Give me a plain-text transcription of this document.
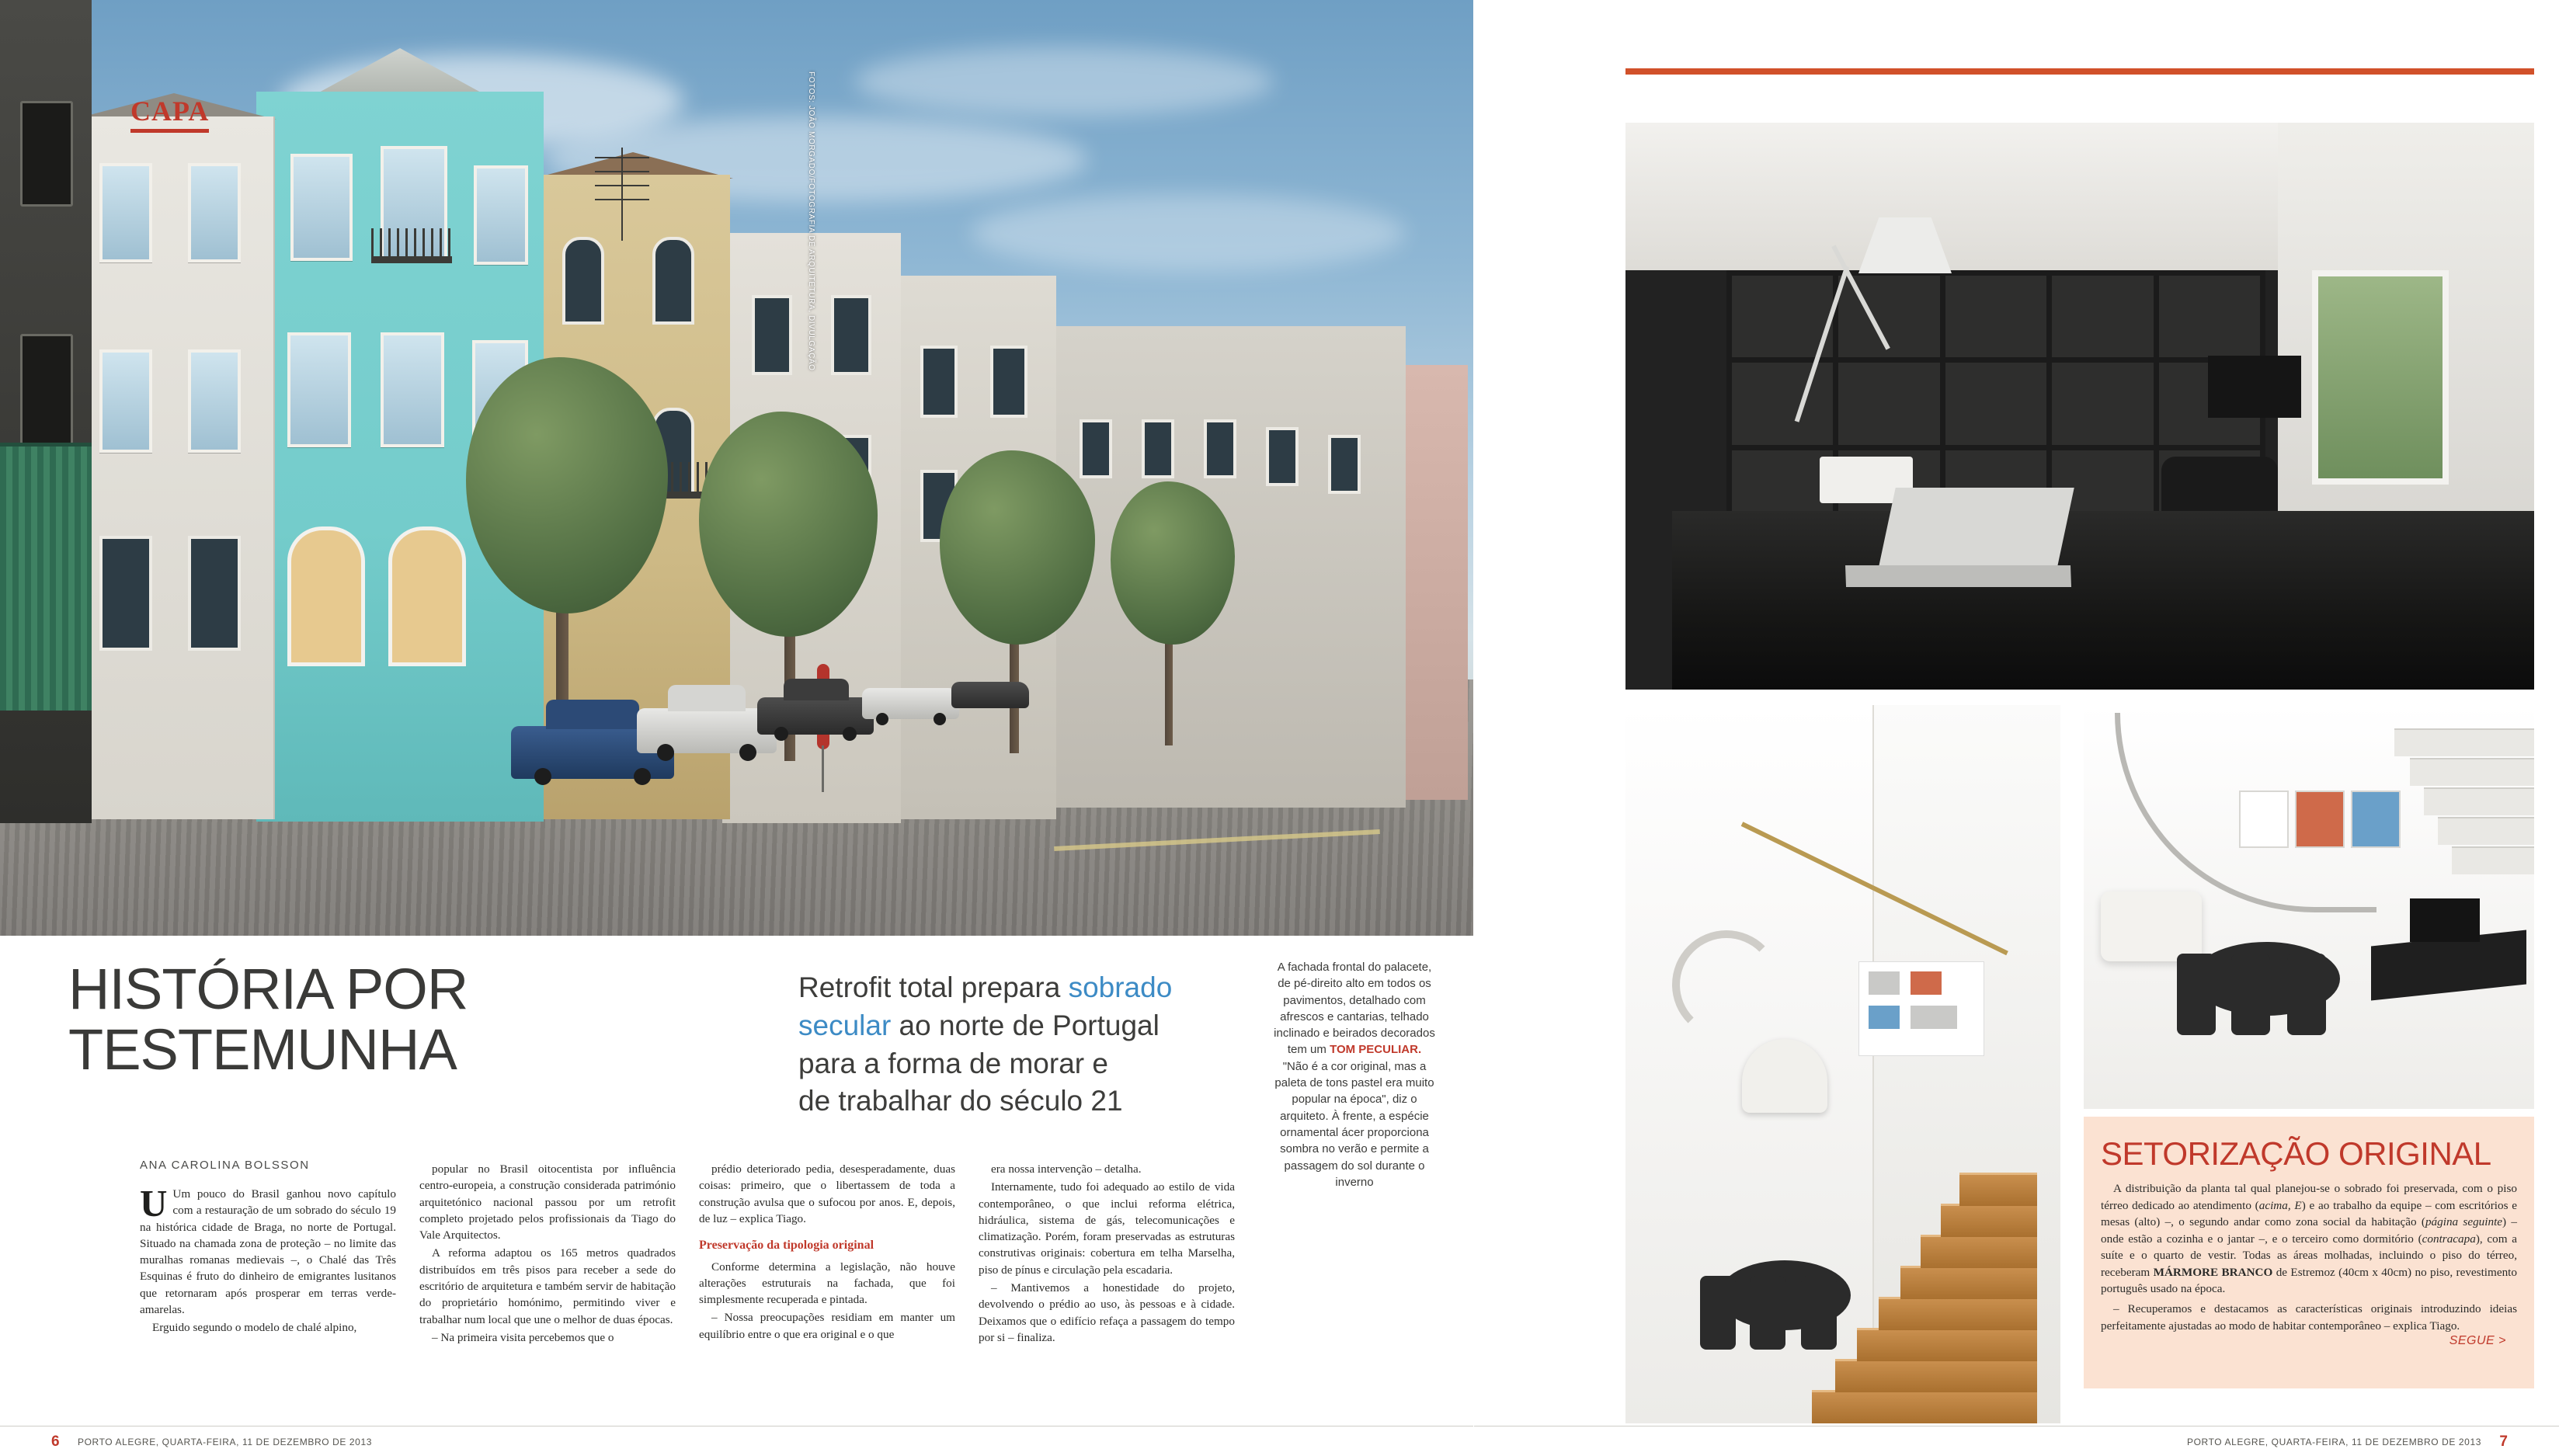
CAPA	FOTOS: JOÃO MORGADO/FOTOGRAFIA DE ARQUITETURA, DIVULGAÇÃO
HISTÓRIA POR
TESTEMUNHA
ANA CAROLINA BOLSSON
Retrofit total prepara sobrado
secular ao norte de Portugal
para a forma de morar e
de trabalhar do século 21

U Um pouco do Brasil ganhou novo capítulo com a restauração de um sobrado do século 19 na histórica cidade de Braga, no norte de Portugal. Situado na chamada zona de proteção – no limite das muralhas romanas medievais –, o Chalé das Três Esquinas é fruto do dinheiro de emigrantes lusitanos que retornaram após prosperar em terras verde-amarelas.

Erguido segundo o modelo de chalé alpino,

popular no Brasil oitocentista por influência centro-europeia, a construção considerada património arquitetónico nacional passou por um retrofit completo projetado pelos profissionais da Tiago do Vale Arquitectos.

A reforma adaptou os 165 metros quadrados distribuídos em três pisos para receber a sede do escritório de arquitetura e também servir de habitação do proprietário homónimo, permitindo viver e trabalhar num local que une o melhor de duas épocas.

– Na primeira visita percebemos que o

prédio deteriorado pedia, desesperadamente, duas coisas: primeiro, que o libertassem de toda a construção avulsa que o sufocou por anos. E, depois, de luz – explica Tiago.

Preservação da tipologia original

Conforme determina a legislação, não houve alterações estruturais na fachada, que foi simplesmente recuperada e pintada.

– Nossa preocupações residiam em manter um equilíbrio entre o que era original e o que

era nossa intervenção – detalha.

Internamente, tudo foi adequado ao estilo de vida contemporâneo, o que inclui reforma elétrica, hidráulica, sistema de gás, telecomunicações e climatização. Porém, foram preservadas as estruturas construtivas originais: cobertura em telha Marselha, piso de pínus e circulação pela escadaria.

– Mantivemos a honestidade do projeto, devolvendo o prédio ao uso, às pessoas e à cidade. Deixamos que o edifício refaça a passagem do tempo por si – finaliza.

A fachada frontal do palacete, de pé-direito alto em todos os pavimentos, detalhado com afrescos e cantarias, telhado inclinado e beirados decorados tem um TOM PECULIAR. "Não é a cor original, mas a paleta de tons pastel era muito popular na época", diz o arquiteto. À frente, a espécie ornamental ácer proporciona sombra no verão e permite a passagem do sol durante o inverno
6 PORTO ALEGRE, QUARTA-FEIRA, 11 DE DEZEMBRO DE 2013
SETORIZAÇÃO ORIGINAL

A distribuição da planta tal qual planejou-se o sobrado foi preservada, com o piso térreo dedicado ao atendimento (acima, E) e ao trabalho da equipe – com escritórios e mesas (alto) –, o segundo andar como zona social da habitação (página seguinte) – onde estão a cozinha e o jantar –, e o terceiro como dormitório (contracapa), com a suíte e o quarto de vestir. Todas as áreas molhadas, incluindo o piso do térreo, receberam MÁRMORE BRANCO de Estremoz (40cm x 40cm) no piso, revestimento português usado na época.

– Recuperamos e destacamos as características originais introduzindo ideias perfeitamente ajustadas ao modo de habitar contemporâneo – explica Tiago.

SEGUE >
7
PORTO ALEGRE, QUARTA-FEIRA, 11 DE DEZEMBRO DE 2013
